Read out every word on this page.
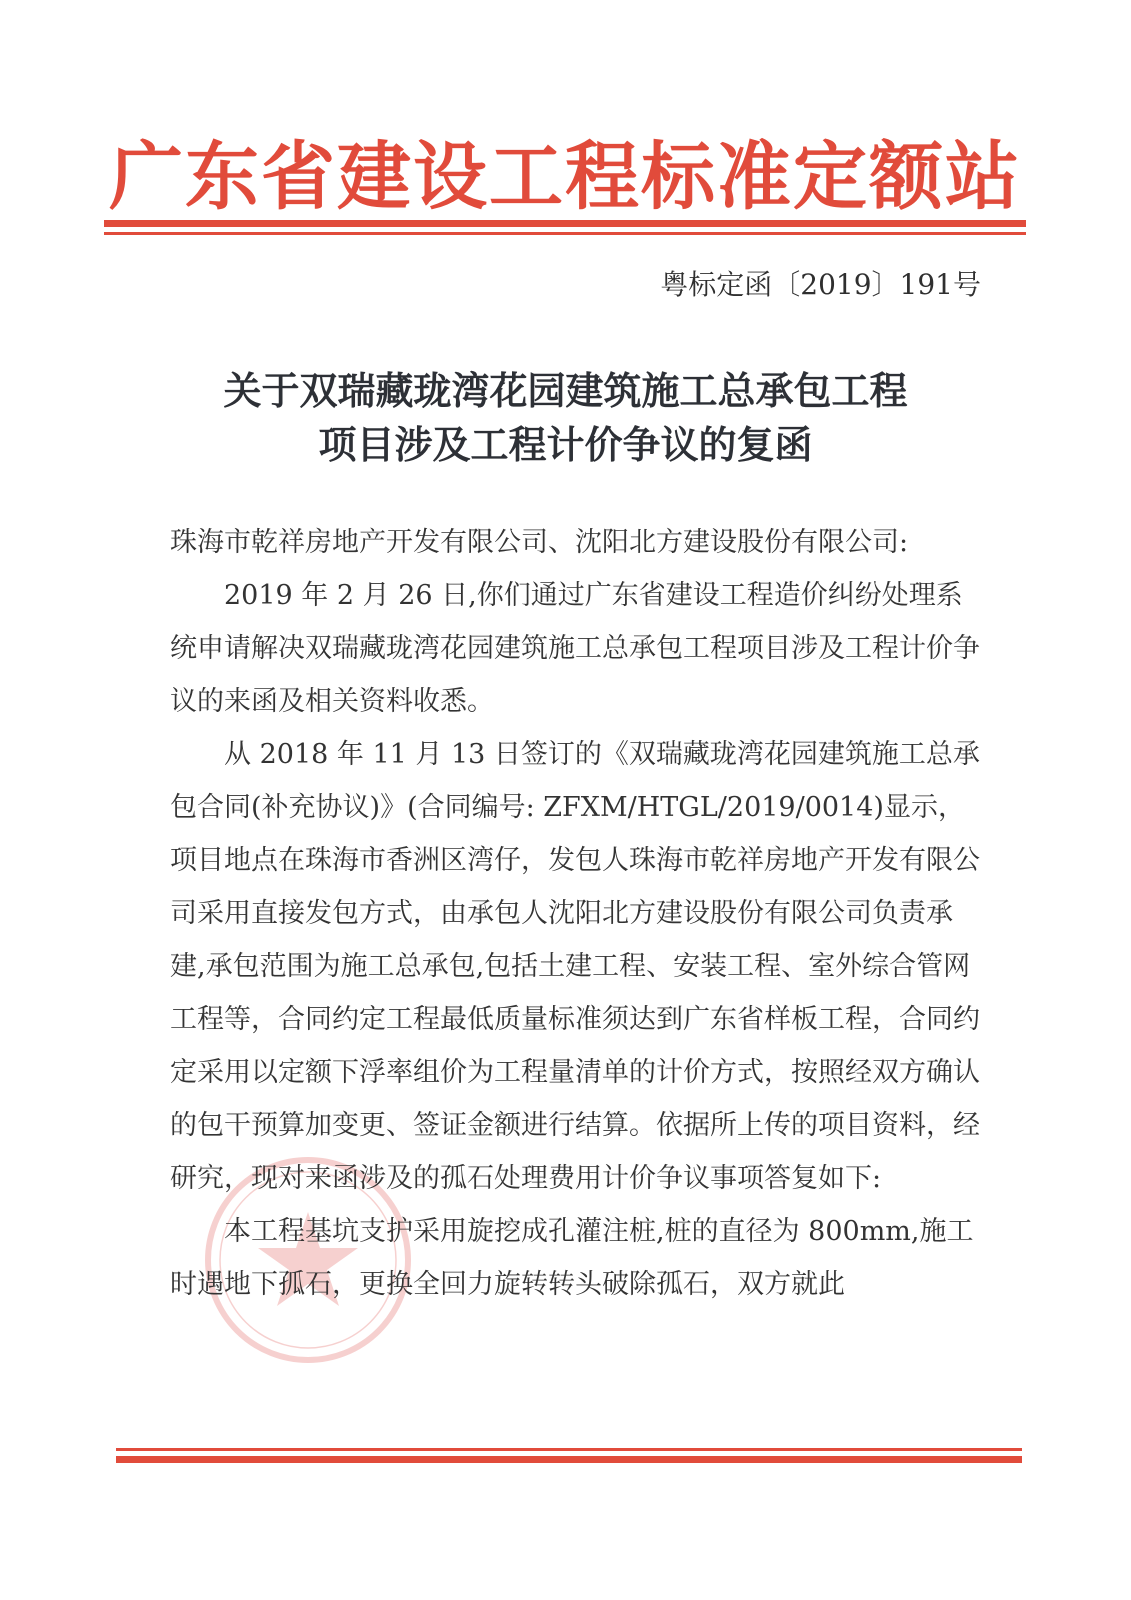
广东省建设工程标准定额站
粤标定函〔2019〕191号
关于双瑞藏珑湾花园建筑施工总承包工程
项目涉及工程计价争议的复函

珠海市乾祥房地产开发有限公司、沈阳北方建设股份有限公司:

2019 年 2 月 26 日,你们通过广东省建设工程造价纠纷处理系统申请解决双瑞藏珑湾花园建筑施工总承包工程项目涉及工程计价争议的来函及相关资料收悉。

从 2018 年 11 月 13 日签订的《双瑞藏珑湾花园建筑施工总承包合同(补充协议)》(合同编号: ZFXM/HTGL/2019/0014)显示，项目地点在珠海市香洲区湾仔，发包人珠海市乾祥房地产开发有限公司采用直接发包方式，由承包人沈阳北方建设股份有限公司负责承建,承包范围为施工总承包,包括土建工程、安装工程、室外综合管网工程等，合同约定工程最低质量标准须达到广东省样板工程，合同约定采用以定额下浮率组价为工程量清单的计价方式，按照经双方确认的包干预算加变更、签证金额进行结算。依据所上传的项目资料，经研究，现对来函涉及的孤石处理费用计价争议事项答复如下:

本工程基坑支护采用旋挖成孔灌注桩,桩的直径为 800mm,施工时遇地下孤石，更换全回力旋转转头破除孤石，双方就此
